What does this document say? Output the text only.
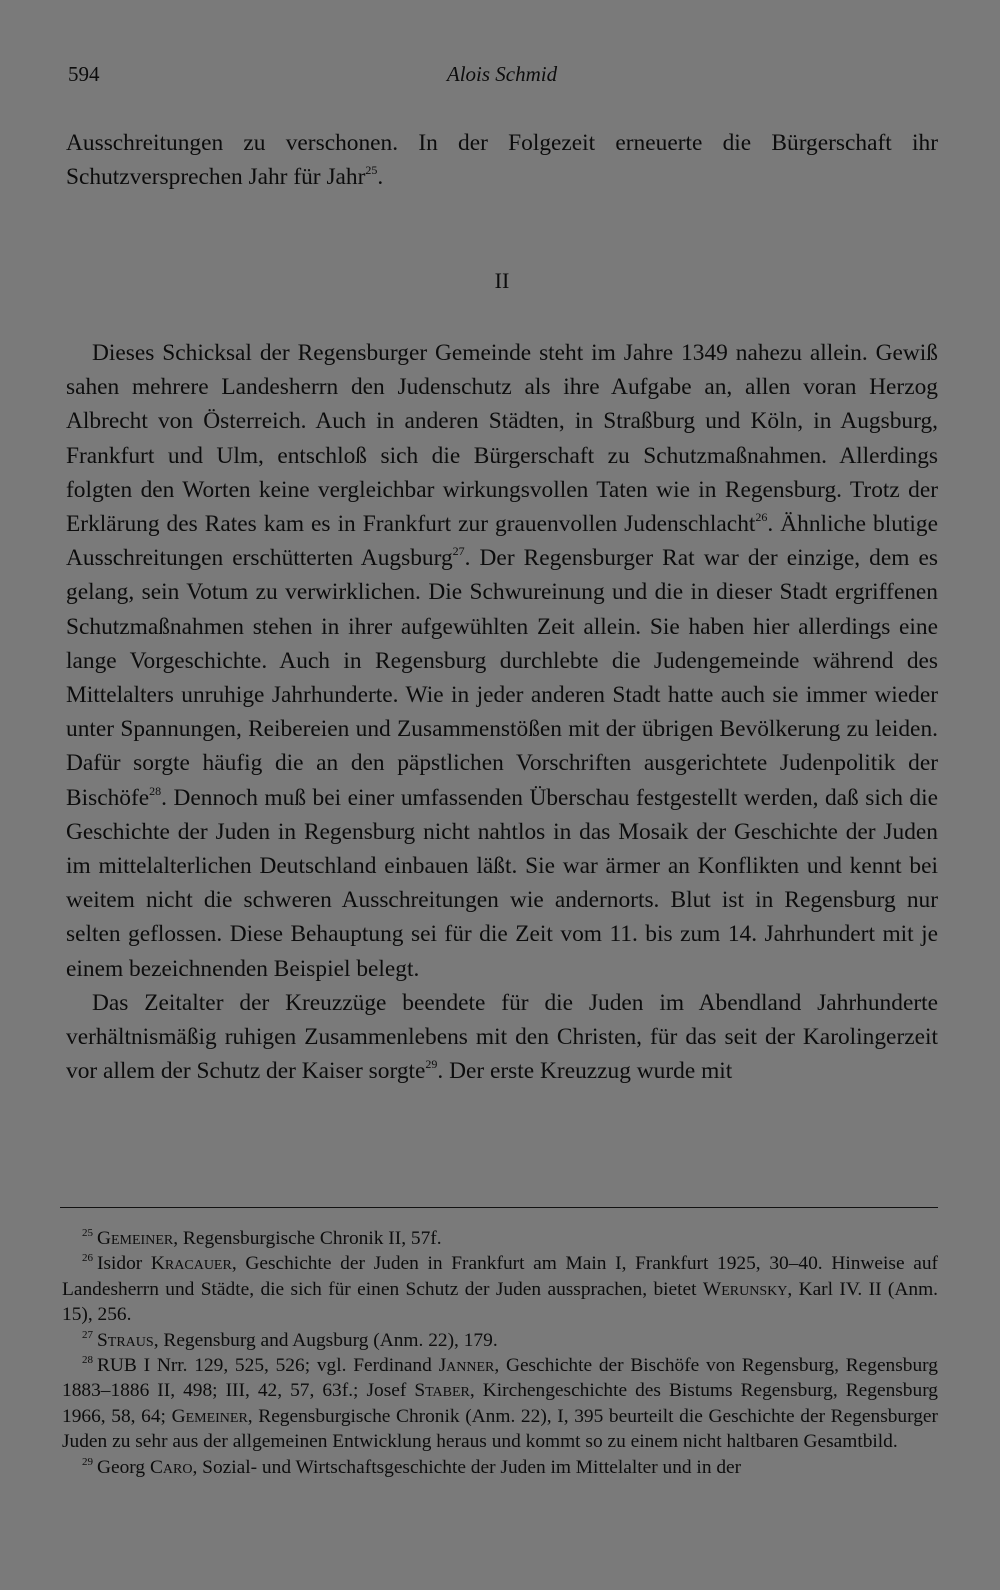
594	Alois Schmid

Ausschreitungen zu verschonen. In der Folgezeit erneuerte die Bürgerschaft ihr Schutzversprechen Jahr für Jahr$^{25}$.

II

Dieses Schicksal der Regensburger Gemeinde steht im Jahre 1349 nahezu allein. Gewiß sahen mehrere Landesherrn den Judenschutz als ihre Aufgabe an, allen voran Herzog Albrecht von Österreich. Auch in anderen Städten, in Straßburg und Köln, in Augsburg, Frankfurt und Ulm, entschloß sich die Bürgerschaft zu Schutzmaßnahmen. Allerdings folgten den Worten keine vergleichbar wirkungsvollen Taten wie in Regensburg. Trotz der Erklärung des Rates kam es in Frankfurt zur grauenvollen Judenschlacht$^{26}$. Ähnliche blutige Ausschreitungen erschütterten Augsburg$^{27}$. Der Regensburger Rat war der einzige, dem es gelang, sein Votum zu verwirklichen. Die Schwureinung und die in dieser Stadt ergriffenen Schutzmaßnahmen stehen in ihrer aufgewühlten Zeit allein. Sie haben hier allerdings eine lange Vorgeschichte. Auch in Regensburg durchlebte die Judengemeinde während des Mittelalters unruhige Jahrhunderte. Wie in jeder anderen Stadt hatte auch sie immer wieder unter Spannungen, Reibereien und Zusammenstößen mit der übrigen Bevölkerung zu leiden. Dafür sorgte häufig die an den päpstlichen Vorschriften ausgerichtete Judenpolitik der Bischöfe$^{28}$. Dennoch muß bei einer umfassenden Überschau festgestellt werden, daß sich die Geschichte der Juden in Regensburg nicht nahtlos in das Mosaik der Geschichte der Juden im mittelalterlichen Deutschland einbauen läßt. Sie war ärmer an Konflikten und kennt bei weitem nicht die schweren Ausschreitungen wie andernorts. Blut ist in Regensburg nur selten geflossen. Diese Behauptung sei für die Zeit vom 11. bis zum 14. Jahrhundert mit je einem bezeichnenden Beispiel belegt.

Das Zeitalter der Kreuzzüge beendete für die Juden im Abendland Jahrhunderte verhältnismäßig ruhigen Zusammenlebens mit den Christen, für das seit der Karolingerzeit vor allem der Schutz der Kaiser sorgte$^{29}$. Der erste Kreuzzug wurde mit

$^{25}$ Gemeiner, Regensburgische Chronik II, 57f.

$^{26}$ Isidor Kracauer, Geschichte der Juden in Frankfurt am Main I, Frankfurt 1925, 30–40. Hinweise auf Landesherrn und Städte, die sich für einen Schutz der Juden aussprachen, bietet Werunsky, Karl IV. II (Anm. 15), 256.

$^{27}$ Straus, Regensburg and Augsburg (Anm. 22), 179.

$^{28}$ RUB I Nrr. 129, 525, 526; vgl. Ferdinand Janner, Geschichte der Bischöfe von Regensburg, Regensburg 1883–1886 II, 498; III, 42, 57, 63f.; Josef Staber, Kirchengeschichte des Bistums Regensburg, Regensburg 1966, 58, 64; Gemeiner, Regensburgische Chronik (Anm. 22), I, 395 beurteilt die Geschichte der Regensburger Juden zu sehr aus der allgemeinen Entwicklung heraus und kommt so zu einem nicht haltbaren Gesamtbild.

$^{29}$ Georg Caro, Sozial- und Wirtschaftsgeschichte der Juden im Mittelalter und in der
